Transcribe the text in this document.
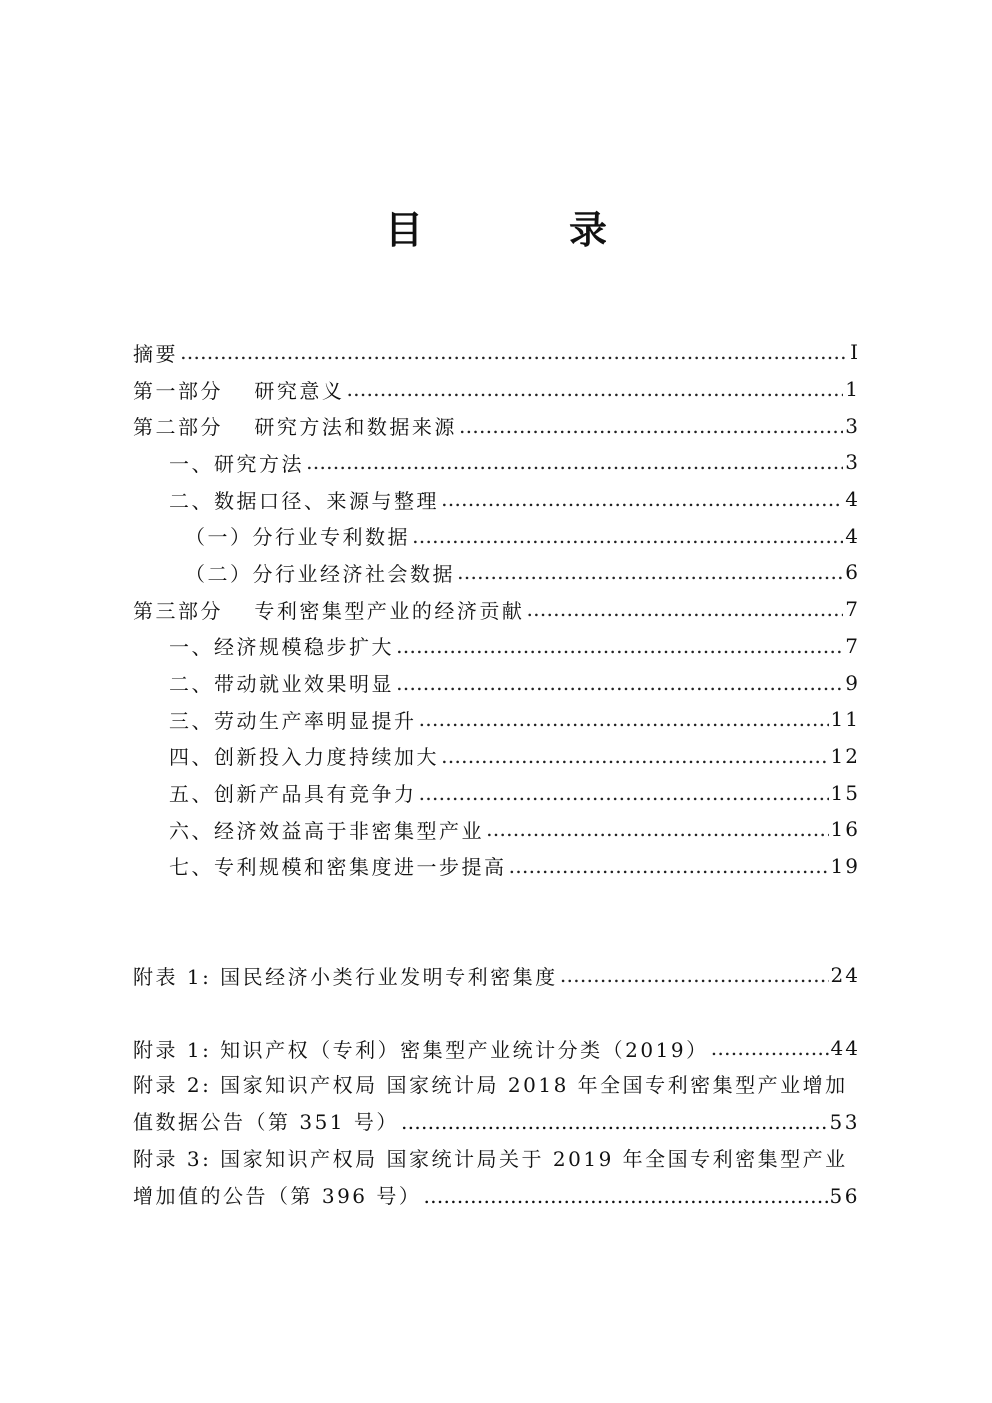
目　录
摘要 ………………………………………………………………………………………………………………………………………………………………………………………………………………	I
第一部分　 研究意义 ………………………………………………………………………………………………………………………………………………………………………………………………………………	1
第二部分　 研究方法和数据来源 ………………………………………………………………………………………………………………………………………………………………………………………………………………	3
一、研究方法 ………………………………………………………………………………………………………………………………………………………………………………………………………………	3
二、数据口径、来源与整理 ………………………………………………………………………………………………………………………………………………………………………………………………………………	4
（一）分行业专利数据 ………………………………………………………………………………………………………………………………………………………………………………………………………………	4
（二）分行业经济社会数据 ………………………………………………………………………………………………………………………………………………………………………………………………………………	6
第三部分　 专利密集型产业的经济贡献 ………………………………………………………………………………………………………………………………………………………………………………………………………………	7
一、经济规模稳步扩大 ………………………………………………………………………………………………………………………………………………………………………………………………………………	7
二、带动就业效果明显 ………………………………………………………………………………………………………………………………………………………………………………………………………………	9
三、劳动生产率明显提升 ………………………………………………………………………………………………………………………………………………………………………………………………………………	11
四、创新投入力度持续加大 ………………………………………………………………………………………………………………………………………………………………………………………………………………	12
五、创新产品具有竞争力 ………………………………………………………………………………………………………………………………………………………………………………………………………………	15
六、经济效益高于非密集型产业 ………………………………………………………………………………………………………………………………………………………………………………………………………………	16
七、专利规模和密集度进一步提高 ………………………………………………………………………………………………………………………………………………………………………………………………………………	19
附表 1: 国民经济小类行业发明专利密集度 ………………………………………………………………………………………………………………………………………………………………………………………………………………	24
附录 1: 知识产权（专利）密集型产业统计分类（2019） ………………………………………………………………………………………………………………………………………………………………………………………………………………	44
附录 2: 国家知识产权局 国家统计局 2018 年全国专利密集型产业增加
值数据公告（第 351 号） ………………………………………………………………………………………………………………………………………………………………………………………………	53
附录 3: 国家知识产权局 国家统计局关于 2019 年全国专利密集型产业
增加值的公告（第 396 号） ………………………………………………………………………………………………………………………………………………………………………………………………	56
